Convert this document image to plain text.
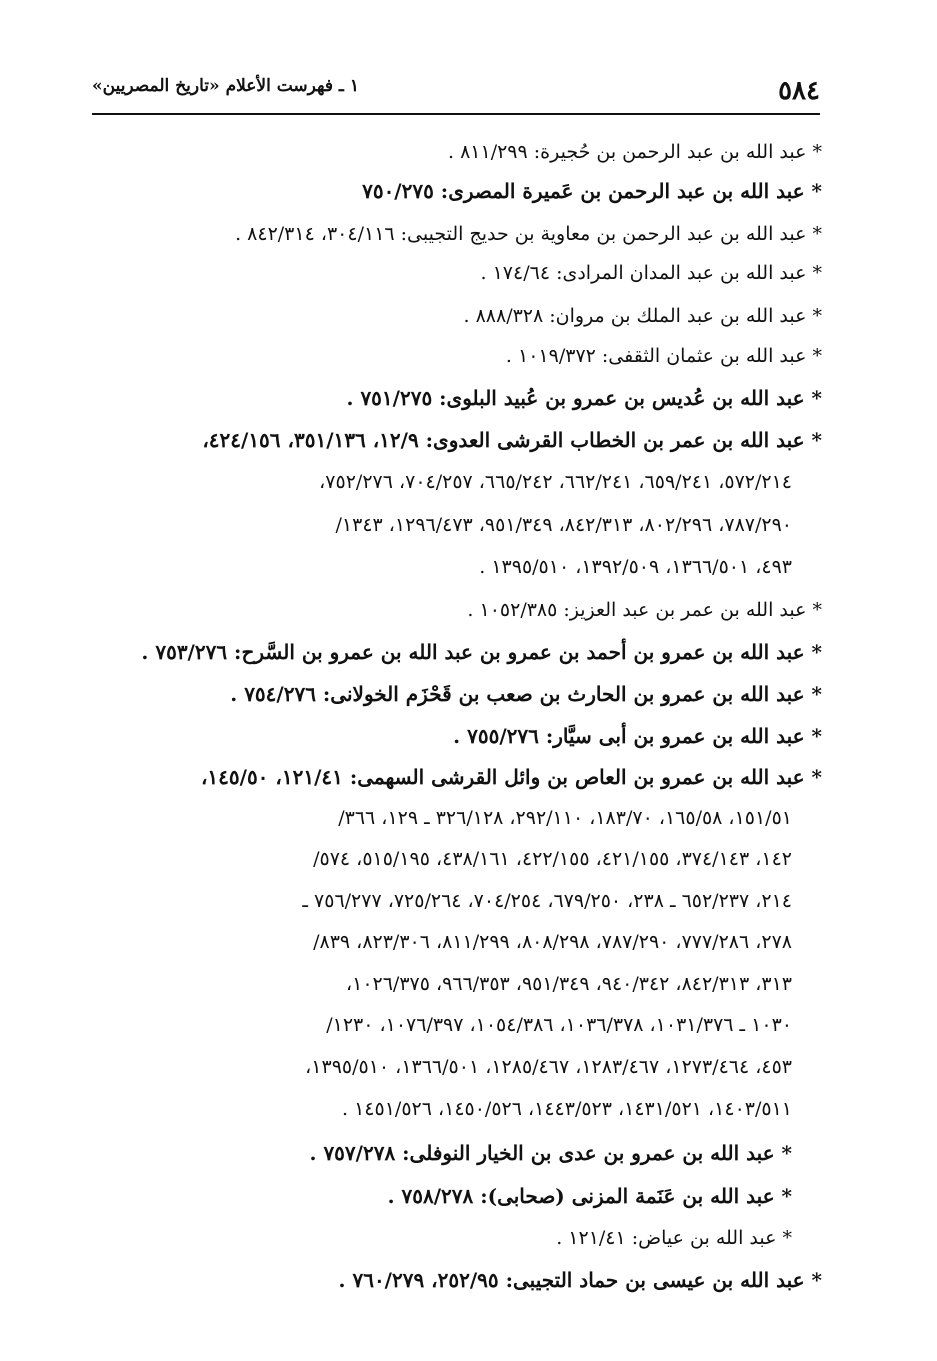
٥٨٤
١ ـ فهرست الأعلام «تاريخ المصريين»
* عبد الله بن عبد الرحمن بن حُجيرة: ٨١١/٢٩٩ .
* عبد الله بن عبد الرحمن بن عَميرة المصرى: ٧٥٠/٢٧٥
* عبد الله بن عبد الرحمن بن معاوية بن حديج التجيبى: ٣٠٤/١١٦، ٨٤٢/٣١٤ .
* عبد الله بن عبد المدان المرادى: ١٧٤/٦٤ .
* عبد الله بن عبد الملك بن مروان: ٨٨٨/٣٢٨ .
* عبد الله بن عثمان الثقفى: ١٠١٩/٣٧٢ .
* عبد الله بن عُديس بن عمرو بن عُبيد البلوى: ٧٥١/٢٧٥ .
* عبد الله بن عمر بن الخطاب القرشى العدوى: ١٢/٩، ٣٥١/١٣٦، ٤٢٤/١٥٦،
٥٧٢/٢١٤، ٦٥٩/٢٤١، ٦٦٢/٢٤١، ٦٦٥/٢٤٢، ٧٠٤/٢٥٧، ٧٥٢/٢٧٦،
٧٨٧/٢٩٠، ٨٠٢/٢٩٦، ٨٤٢/٣١٣، ٩٥١/٣٤٩، ١٢٩٦/٤٧٣، ١٣٤٣/
٤٩٣، ١٣٦٦/٥٠١، ١٣٩٢/٥٠٩، ١٣٩٥/٥١٠ .
* عبد الله بن عمر بن عبد العزيز: ١٠٥٢/٣٨٥ .
* عبد الله بن عمرو بن أحمد بن عمرو بن عبد الله بن عمرو بن السَّرح: ٧٥٣/٢٧٦ .
* عبد الله بن عمرو بن الحارث بن صعب بن قَحْزَم الخولانى: ٧٥٤/٢٧٦ .
* عبد الله بن عمرو بن أبى سيَّار: ٧٥٥/٢٧٦ .
* عبد الله بن عمرو بن العاص بن وائل القرشى السهمى: ١٢١/٤١، ١٤٥/٥٠،
١٥١/٥١، ١٦٥/٥٨، ١٨٣/٧٠، ٢٩٢/١١٠، ٣٢٦/١٢٨ ـ ١٢٩، ٣٦٦/
١٤٢، ٣٧٤/١٤٣، ٤٢١/١٥٥، ٤٢٢/١٥٥، ٤٣٨/١٦١، ٥١٥/١٩٥، ٥٧٤/
٢١٤، ٦٥٢/٢٣٧ ـ ٢٣٨، ٦٧٩/٢٥٠، ٧٠٤/٢٥٤، ٧٢٥/٢٦٤، ٧٥٦/٢٧٧ ـ
٢٧٨، ٧٧٧/٢٨٦، ٧٨٧/٢٩٠، ٨٠٨/٢٩٨، ٨١١/٢٩٩، ٨٢٣/٣٠٦، ٨٣٩/
٣١٣، ٨٤٢/٣١٣، ٩٤٠/٣٤٢، ٩٥١/٣٤٩، ٩٦٦/٣٥٣، ١٠٢٦/٣٧٥،
١٠٣٠ ـ ١٠٣١/٣٧٦، ١٠٣٦/٣٧٨، ١٠٥٤/٣٨٦، ١٠٧٦/٣٩٧، ١٢٣٠/
٤٥٣، ١٢٧٣/٤٦٤، ١٢٨٣/٤٦٧، ١٢٨٥/٤٦٧، ١٣٦٦/٥٠١، ١٣٩٥/٥١٠،
١٤٠٣/٥١١، ١٤٣١/٥٢١، ١٤٤٣/٥٢٣، ١٤٥٠/٥٢٦، ١٤٥١/٥٢٦ .
* عبد الله بن عمرو بن عدى بن الخيار النوفلى: ٧٥٧/٢٧٨ .
* عبد الله بن عَنَمة المزنى (صحابى): ٧٥٨/٢٧٨ .
* عبد الله بن عياض: ١٢١/٤١ .
* عبد الله بن عيسى بن حماد التجيبى: ٢٥٢/٩٥، ٧٦٠/٢٧٩ .
